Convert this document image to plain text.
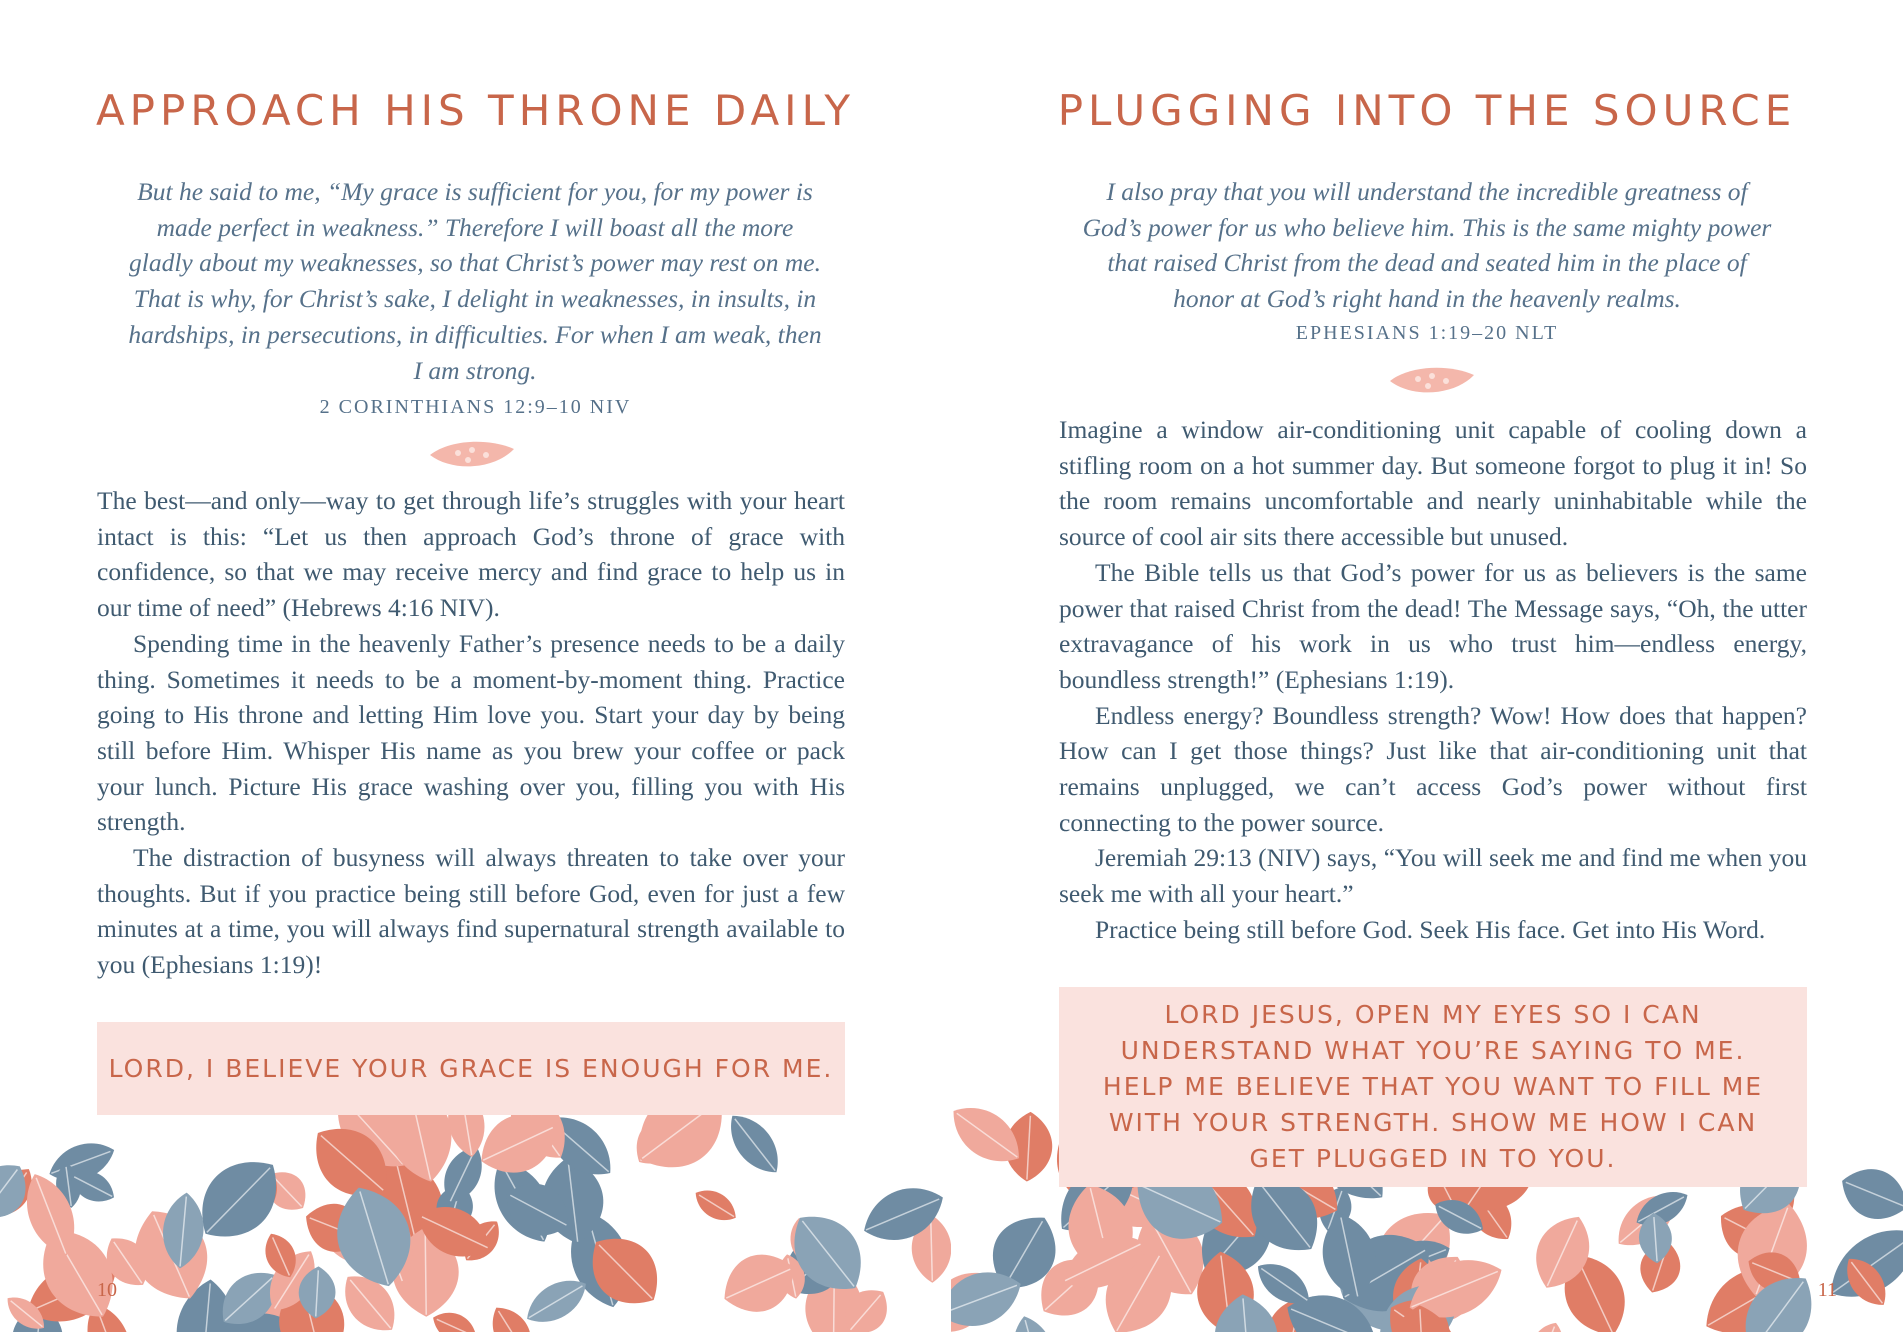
APPROACH HIS THRONE DAILY

But he said to me, “My grace is sufficient for you, for my power is made perfect in weakness.” Therefore I will boast all the more gladly about my weaknesses, so that Christ’s power may rest on me. That is why, for Christ’s sake, I delight in weaknesses, in insults, in hardships, in persecutions, in difficulties. For when I am weak, then I am strong.

2 CORINTHIANS 12:9–10 NIV

The best—and only—way to get through life’s struggles with your heart intact is this: “Let us then approach God’s throne of grace with confidence, so that we may receive mercy and find grace to help us in our time of need” (Hebrews 4:16 NIV).

Spending time in the heavenly Father’s presence needs to be a daily thing. Sometimes it needs to be a moment-by-moment thing. Practice going to His throne and letting Him love you. Start your day by being still before Him. Whisper His name as you brew your coffee or pack your lunch. Picture His grace washing over you, filling you with His strength.

The distraction of busyness will always threaten to take over your thoughts. But if you practice being still before God, even for just a few minutes at a time, you will always find supernatural strength available to you (Ephesians 1:19)!

LORD, I BELIEVE YOUR GRACE IS ENOUGH FOR ME.
10
PLUGGING INTO THE SOURCE

I also pray that you will understand the incredible greatness of God’s power for us who believe him. This is the same mighty power that raised Christ from the dead and seated him in the place of honor at God’s right hand in the heavenly realms.

EPHESIANS 1:19–20 NLT

Imagine a window air-conditioning unit capable of cooling down a stifling room on a hot summer day. But someone forgot to plug it in! So the room remains uncomfortable and nearly uninhabitable while the source of cool air sits there accessible but unused.

The Bible tells us that God’s power for us as believers is the same power that raised Christ from the dead! The Message says, “Oh, the utter extravagance of his work in us who trust him—endless energy, boundless strength!” (Ephesians 1:19).

Endless energy? Boundless strength? Wow! How does that happen? How can I get those things? Just like that air-conditioning unit that remains unplugged, we can’t access God’s power without first connecting to the power source.

Jeremiah 29:13 (NIV) says, “You will seek me and find me when you seek me with all your heart.”

Practice being still before God. Seek His face. Get into His Word.

LORD JESUS, OPEN MY EYES SO I CAN UNDERSTAND WHAT YOU’RE SAYING TO ME. HELP ME BELIEVE THAT YOU WANT TO FILL ME WITH YOUR STRENGTH. SHOW ME HOW I CAN GET PLUGGED IN TO YOU.
11
